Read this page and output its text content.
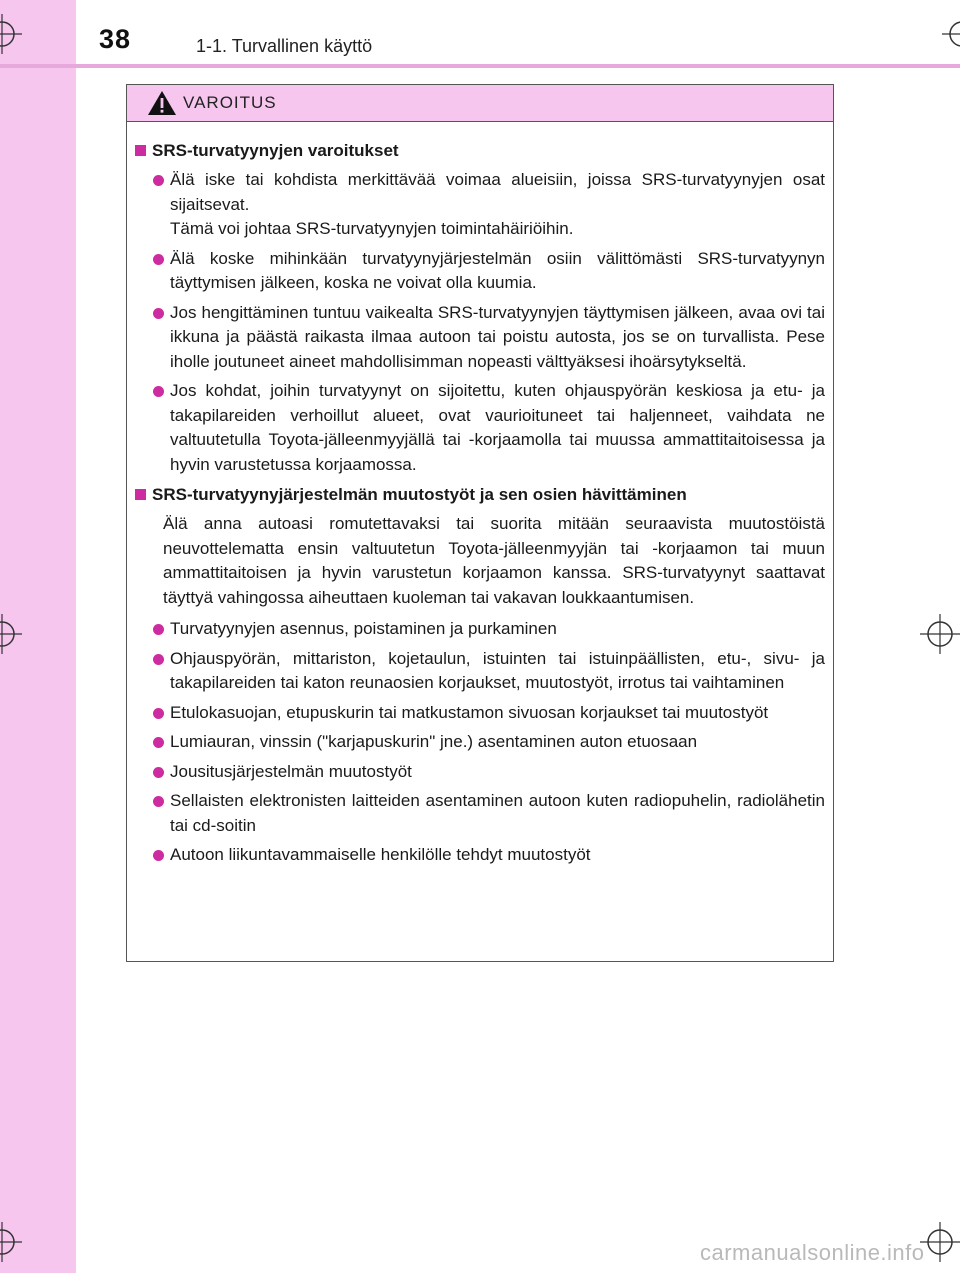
38	1-1. Turvallinen käyttö
VAROITUS
SRS-turvatyynyjen varoitukset
Älä iske tai kohdista merkittävää voimaa alueisiin, joissa SRS-turvatyynyjen osat sijaitsevat.
Tämä voi johtaa SRS-turvatyynyjen toimintahäiriöihin.
Älä koske mihinkään turvatyynyjärjestelmän osiin välittömästi SRS-turvatyynyn täyttymisen jälkeen, koska ne voivat olla kuumia.
Jos hengittäminen tuntuu vaikealta SRS-turvatyynyjen täyttymisen jälkeen, avaa ovi tai ikkuna ja päästä raikasta ilmaa autoon tai poistu autosta, jos se on turvallista. Pese iholle joutuneet aineet mahdollisimman nopeasti välttyäksesi ihoärsytykseltä.
Jos kohdat, joihin turvatyynyt on sijoitettu, kuten ohjauspyörän keskiosa ja etu- ja takapilareiden verhoillut alueet, ovat vaurioituneet tai haljenneet, vaihdata ne valtuutetulla Toyota-jälleenmyyjällä tai -korjaamolla tai muussa ammattitaitoisessa ja hyvin varustetussa korjaamossa.
SRS-turvatyynyjärjestelmän muutostyöt ja sen osien hävittäminen
Älä anna autoasi romutettavaksi tai suorita mitään seuraavista muutostöistä neuvottelematta ensin valtuutetun Toyota-jälleenmyyjän tai -korjaamon tai muun ammattitaitoisen ja hyvin varustetun korjaamon kanssa. SRS-turvatyynyt saattavat täyttyä vahingossa aiheuttaen kuoleman tai vakavan loukkaantumisen.
Turvatyynyjen asennus, poistaminen ja purkaminen
Ohjauspyörän, mittariston, kojetaulun, istuinten tai istuinpäällisten, etu-, sivu- ja takapilareiden tai katon reunaosien korjaukset, muutostyöt, irrotus tai vaihtaminen
Etulokasuojan, etupuskurin tai matkustamon sivuosan korjaukset tai muutostyöt
Lumiauran, vinssin ("karjapuskurin" jne.) asentaminen auton etuosaan
Jousitusjärjestelmän muutostyöt
Sellaisten elektronisten laitteiden asentaminen autoon kuten radiopuhelin, radiolähetin tai cd-soitin
Autoon liikuntavammaiselle henkilölle tehdyt muutostyöt
carmanualsonline.info
